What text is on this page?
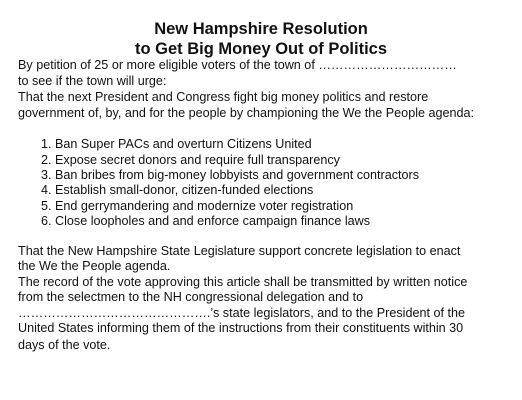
New Hampshire Resolution
to Get Big Money Out of Politics

By petition of 25 or more eligible voters of the town of ……………………………

to see if the town will urge:

That the next President and Congress fight big money politics and restore

government of, by, and for the people by championing the We the People agenda:

1. Ban Super PACs and overturn Citizens United

2. Expose secret donors and require full transparency

3. Ban bribes from big-money lobbyists and government contractors

4. Establish small-donor, citizen-funded elections

5. End gerrymandering and modernize voter registration

6. Close loopholes and and enforce campaign finance laws

That the New Hampshire State Legislature support concrete legislation to enact

the We the People agenda.

The record of the vote approving this article shall be transmitted by written notice

from the selectmen to the NH congressional delegation and to

……………………………………….’s state legislators, and to the President of the

United States informing them of the instructions from their constituents within 30

days of the vote.
